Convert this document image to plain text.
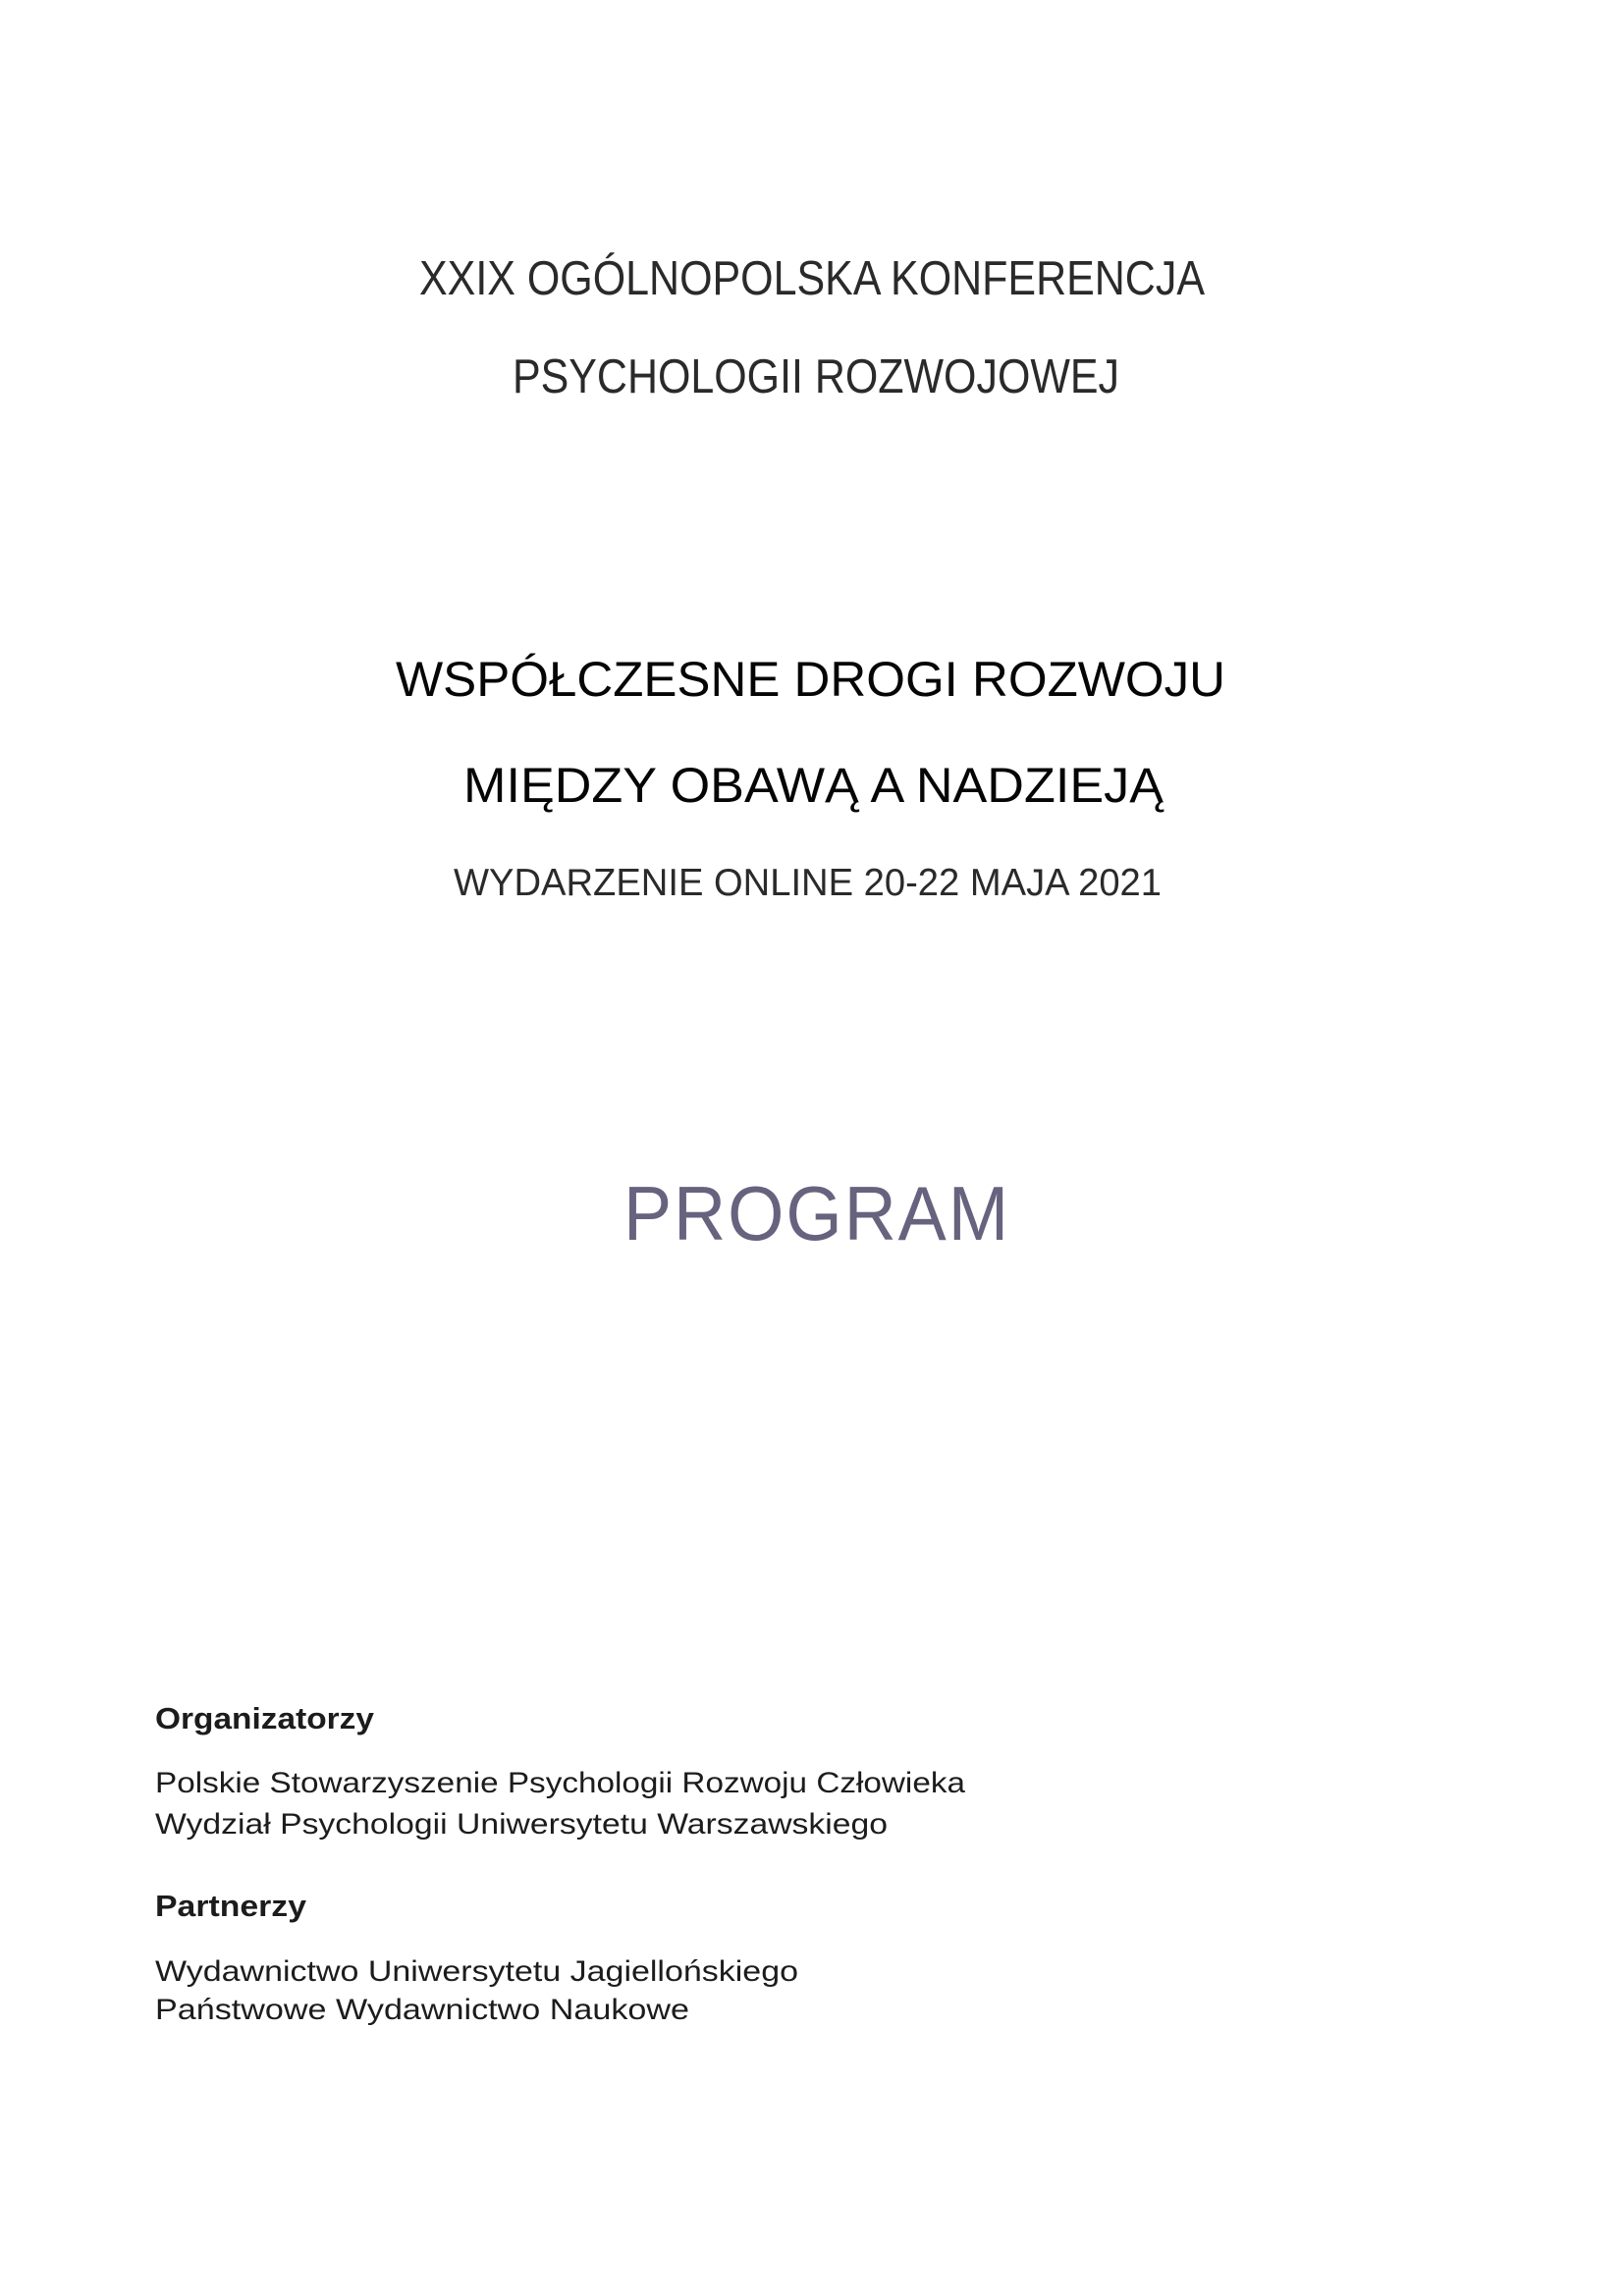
XXIX OGÓLNOPOLSKA KONFERENCJA
PSYCHOLOGII ROZWOJOWEJ
WSPÓŁCZESNE DROGI ROZWOJU
MIĘDZY OBAWĄ A NADZIEJĄ
WYDARZENIE ONLINE 20-22 MAJA 2021
PROGRAM
Organizatorzy
Polskie Stowarzyszenie Psychologii Rozwoju Człowieka
Wydział Psychologii Uniwersytetu Warszawskiego
Partnerzy
Wydawnictwo Uniwersytetu Jagiellońskiego
Państwowe Wydawnictwo Naukowe
